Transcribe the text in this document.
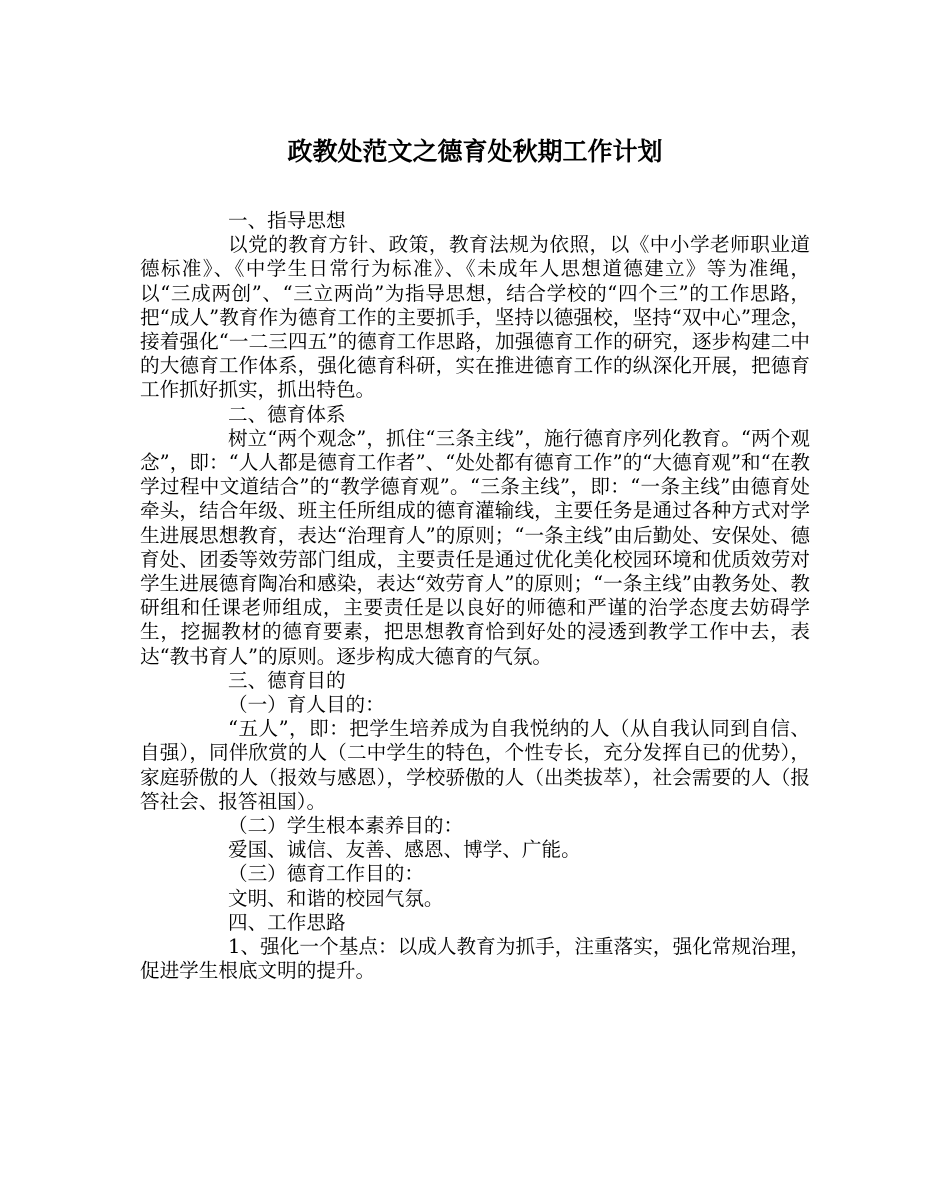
政教处范文之德育处秋期工作计划

一、指导思想

以党的教育方针、政策，教育法规为依照，以《中小学老师职业道德标准》、《中学生日常行为标准》、《未成年人思想道德建立》等为准绳，以“三成两创”、“三立两尚”为指导思想，结合学校的“四个三”的工作思路，把“成人”教育作为德育工作的主要抓手，坚持以德强校，坚持“双中心”理念，接着强化“一二三四五”的德育工作思路，加强德育工作的研究，逐步构建二中的大德育工作体系，强化德育科研，实在推进德育工作的纵深化开展，把德育工作抓好抓实，抓出特色。

二、德育体系

树立“两个观念”，抓住“三条主线”，施行德育序列化教育。“两个观念”，即：“人人都是德育工作者”、“处处都有德育工作”的“大德育观”和“在教学过程中文道结合”的“教学德育观”。“三条主线”，即：“一条主线”由德育处牵头，结合年级、班主任所组成的德育灌输线，主要任务是通过各种方式对学生进展思想教育，表达“治理育人”的原则；“一条主线”由后勤处、安保处、德育处、团委等效劳部门组成，主要责任是通过优化美化校园环境和优质效劳对学生进展德育陶冶和感染，表达“效劳育人”的原则；“一条主线”由教务处、教研组和任课老师组成，主要责任是以良好的师德和严谨的治学态度去妨碍学生，挖掘教材的德育要素，把思想教育恰到好处的浸透到教学工作中去，表达“教书育人”的原则。逐步构成大德育的气氛。

三、德育目的

（一）育人目的：

“五人”，即：把学生培养成为自我悦纳的人（从自我认同到自信、自强），同伴欣赏的人（二中学生的特色，个性专长，充分发挥自已的优势），家庭骄傲的人（报效与感恩），学校骄傲的人（出类拔萃），社会需要的人（报答社会、报答祖国）。

（二）学生根本素养目的：

爱国、诚信、友善、感恩、博学、广能。

（三）德育工作目的：

文明、和谐的校园气氛。

四、工作思路

1、强化一个基点：以成人教育为抓手，注重落实，强化常规治理，促进学生根底文明的提升。
